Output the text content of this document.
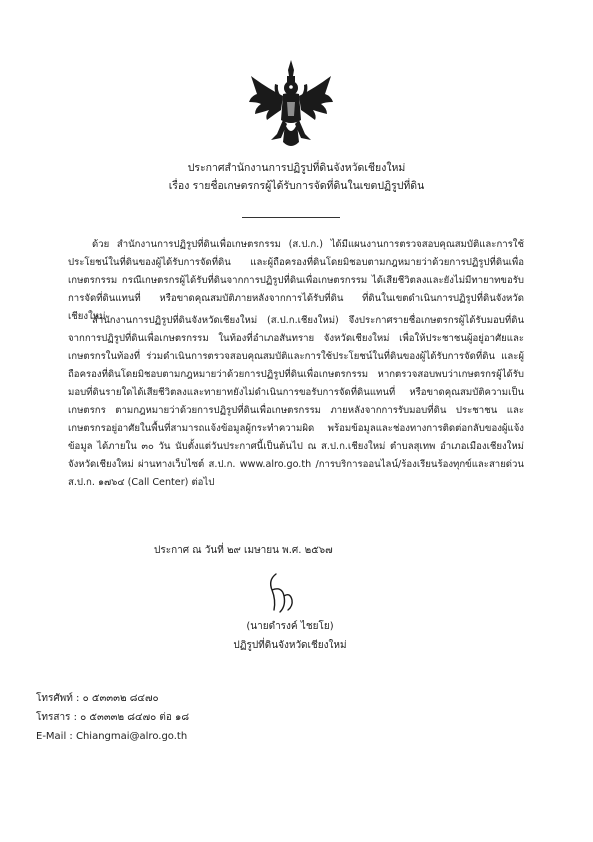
ประกาศสำนักงานการปฏิรูปที่ดินจังหวัดเชียงใหม่
เรื่อง รายชื่อเกษตรกรผู้ได้รับการจัดที่ดินในเขตปฏิรูปที่ดิน
ด้วย สำนักงานการปฏิรูปที่ดินเพื่อเกษตรกรรม (ส.ป.ก.) ได้มีแผนงานการตรวจสอบคุณสมบัติและการใช้ประโยชน์ในที่ดินของผู้ได้รับการจัดที่ดิน และผู้ถือครองที่ดินโดยมิชอบตามกฎหมายว่าด้วยการปฏิรูปที่ดินเพื่อเกษตรกรรม กรณีเกษตรกรผู้ได้รับที่ดินจากการปฏิรูปที่ดินเพื่อเกษตรกรรม ได้เสียชีวิตลงและยังไม่มีทายาทขอรับการจัดที่ดินแทนที่ หรือขาดคุณสมบัติภายหลังจากการได้รับที่ดิน ที่ดินในเขตดำเนินการปฏิรูปที่ดินจังหวัดเชียงใหม่
สำนักงานการปฏิรูปที่ดินจังหวัดเชียงใหม่ (ส.ป.ก.เชียงใหม่) จึงประกาศรายชื่อเกษตรกรผู้ได้รับมอบที่ดินจากการปฏิรูปที่ดินเพื่อเกษตรกรรม ในท้องที่อำเภอสันทราย จังหวัดเชียงใหม่ เพื่อให้ประชาชนผู้อยู่อาศัยและเกษตรกรในท้องที่ ร่วมดำเนินการตรวจสอบคุณสมบัติและการใช้ประโยชน์ในที่ดินของผู้ได้รับการจัดที่ดิน และผู้ถือครองที่ดินโดยมิชอบตามกฎหมายว่าด้วยการปฏิรูปที่ดินเพื่อเกษตรกรรม หากตรวจสอบพบว่าเกษตรกรผู้ได้รับมอบที่ดินรายใดได้เสียชีวิตลงและทายาทยังไม่ดำเนินการขอรับการจัดที่ดินแทนที่ หรือขาดคุณสมบัติความเป็นเกษตรกร ตามกฎหมายว่าด้วยการปฏิรูปที่ดินเพื่อเกษตรกรรม ภายหลังจากการรับมอบที่ดิน ประชาชน และเกษตรกรอยู่อาศัยในพื้นที่สามารถแจ้งข้อมูลผู้กระทำความผิด พร้อมข้อมูลและช่องทางการติดต่อกลับของผู้แจ้งข้อมูล ได้ภายใน ๓๐ วัน นับตั้งแต่วันประกาศนี้เป็นต้นไป ณ ส.ป.ก.เชียงใหม่ ตำบลสุเทพ อำเภอเมืองเชียงใหม่ จังหวัดเชียงใหม่ ผ่านทางเว็บไซต์ ส.ป.ก. www.alro.go.th /การบริการออนไลน์/ร้องเรียนร้องทุกข์และสายด่วน ส.ป.ก. ๑๗๖๔ (Call Center) ต่อไป
ประกาศ ณ วันที่ ๒๙ เมษายน พ.ศ. ๒๕๖๗
(นายดำรงค์ ไชยโย)
ปฏิรูปที่ดินจังหวัดเชียงใหม่
โทรศัพท์ : ๐ ๕๓๓๓๒ ๘๔๗๐
โทรสาร : ๐ ๕๓๓๓๒ ๘๔๗๐ ต่อ ๑๘
E-Mail : Chiangmai@alro.go.th
